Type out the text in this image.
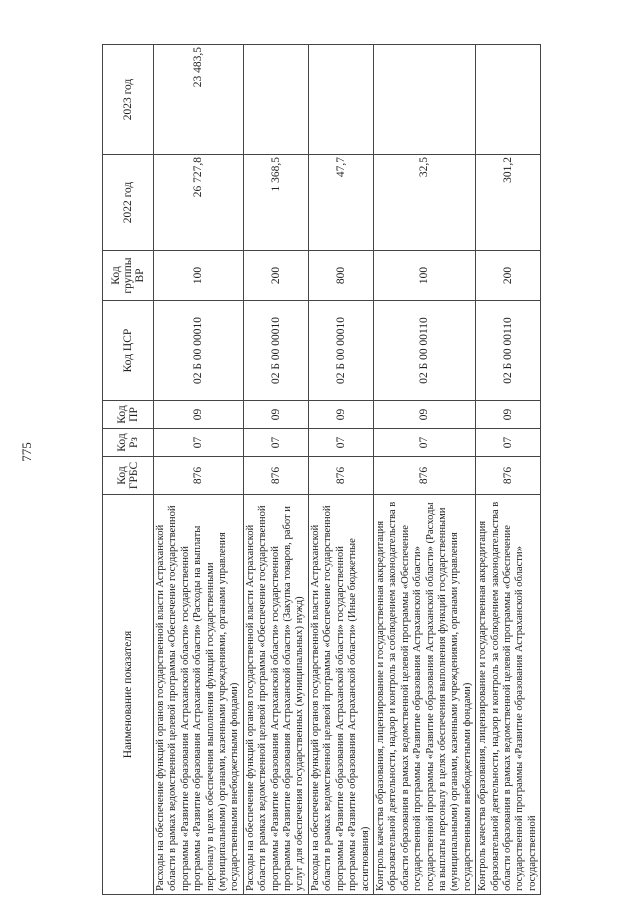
775
Наименование показателя	Код ГРБС	Код Рз	Код ПР	Код ЦСР	Код группы ВР	2022 год	2023 год
Расходы на обеспечение функций органов государственной власти Астраханской области в рамках ведомственной целевой программы «Обеспечение государственной программы «Развитие образования Астраханской области» государственной программы «Развитие образования Астраханской области» (Расходы на выплаты персоналу в целях обеспечения выполнения функций государственными (муниципальными) органами, казенными учреждениями, органами управления государственными внебюджетными фондами)	876	07	09	02 Б 00 00010	100	26 727,8	23 483,5
Расходы на обеспечение функций органов государственной власти Астраханской области в рамках ведомственной целевой программы «Обеспечение государственной программы «Развитие образования Астраханской области» государственной программы «Развитие образования Астраханской области» (Закупка товаров, работ и услуг для обеспечения государственных (муниципальных) нужд)	876	07	09	02 Б 00 00010	200	1 368,5	
Расходы на обеспечение функций органов государственной власти Астраханской области в рамках ведомственной целевой программы «Обеспечение государственной программы «Развитие образования Астраханской области» государственной программы «Развитие образования Астраханской области» (Иные бюджетные ассигнования)	876	07	09	02 Б 00 00010	800	47,7	
Контроль качества образования, лицензирование и государственная аккредитация образовательной деятельности, надзор и контроль за соблюдением законодательства в области образования в рамках ведомственной целевой программы «Обеспечение государственной программы «Развитие образования Астраханской области» государственной программы «Развитие образования Астраханской области» (Расходы на выплаты персоналу в целях обеспечения выполнения функций государственными (муниципальными) органами, казенными учреждениями, органами управления государственными внебюджетными фондами)	876	07	09	02 Б 00 00110	100	32,5	
Контроль качества образования, лицензирование и государственная аккредитация образовательной деятельности, надзор и контроль за соблюдением законодательства в области образования в рамках ведомственной целевой программы «Обеспечение государственной программы «Развитие образования Астраханской области» государственной	876	07	09	02 Б 00 00110	200	301,2	
